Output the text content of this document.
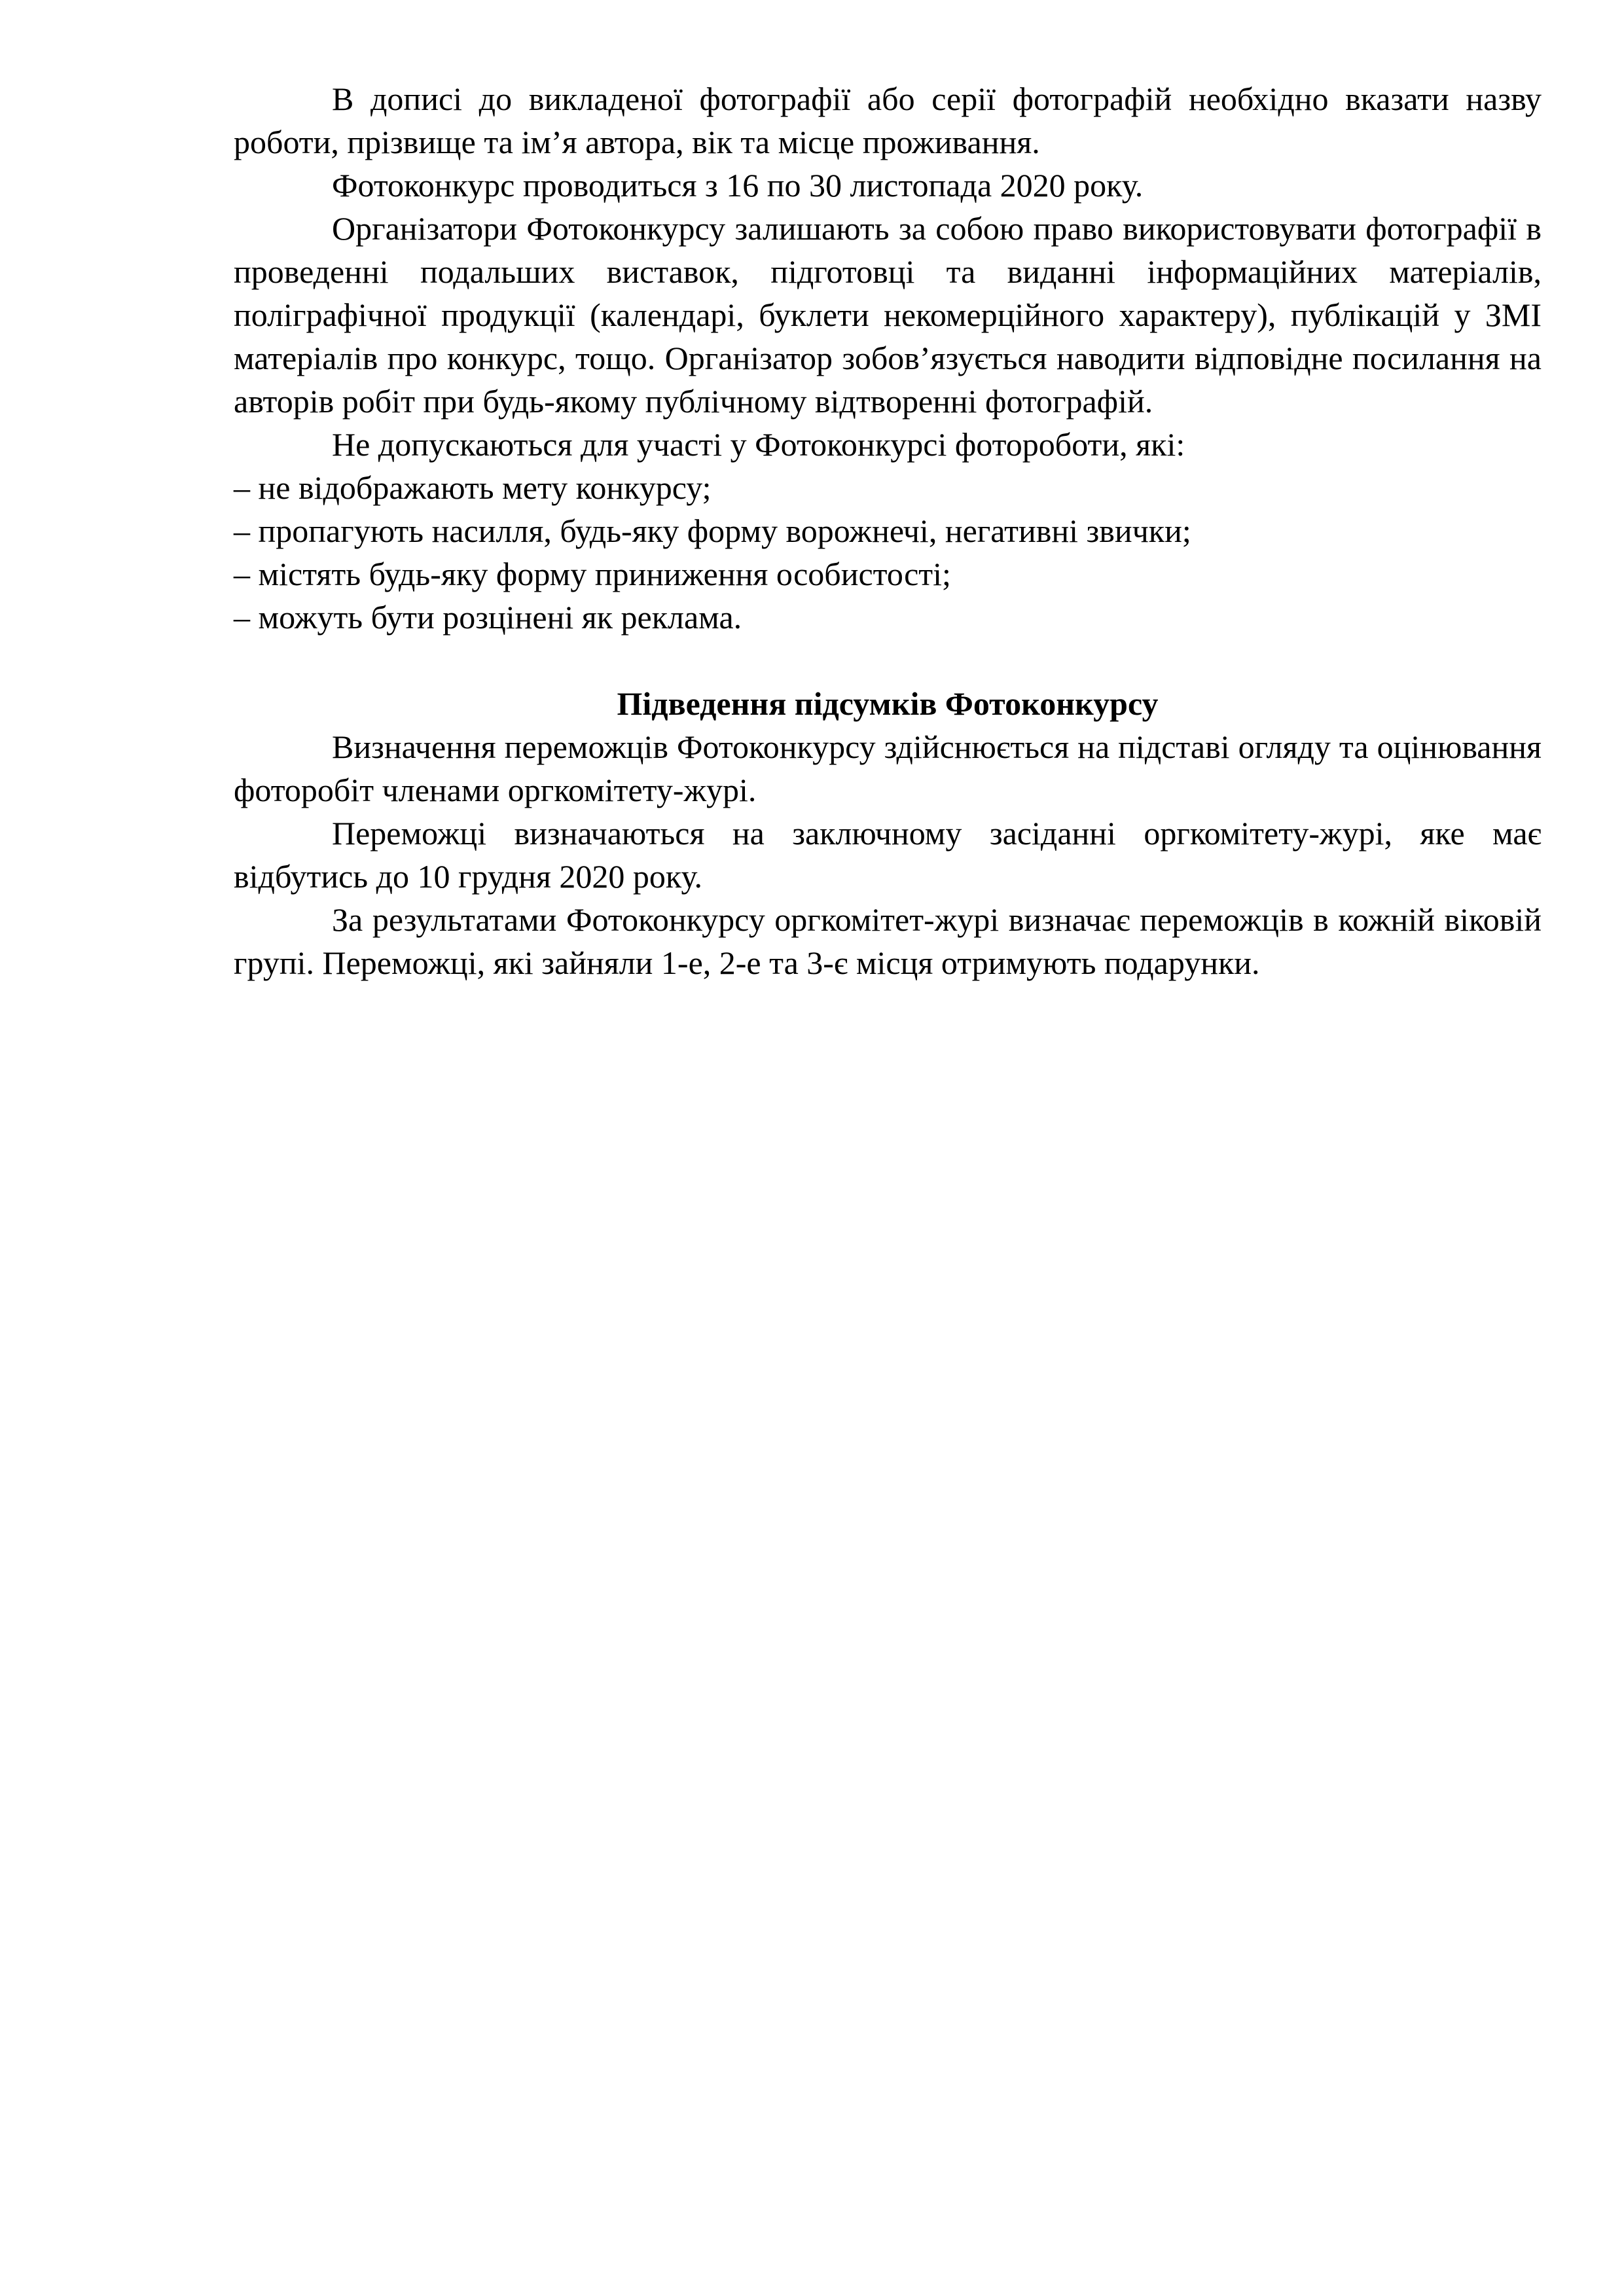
В дописі до викладеної фотографії або серії фотографій необхідно вказати назву роботи, прізвище та ім’я автора, вік та місце проживання.

Фотоконкурс проводиться з 16 по 30 листопада 2020 року.

Організатори Фотоконкурсу залишають за собою право використовувати фотографії в проведенні подальших виставок, підготовці та виданні інформаційних матеріалів, поліграфічної продукції (календарі, буклети некомерційного характеру), публікацій у ЗМІ матеріалів про конкурс, тощо. Організатор зобов’язується наводити відповідне посилання на авторів робіт при будь-якому публічному відтворенні фотографій.

Не допускаються для участі у Фотоконкурсі фотороботи, які:

– не відображають мету конкурсу;

– пропагують насилля, будь-яку форму ворожнечі, негативні звички;

– містять будь-яку форму приниження особистості;

– можуть бути розцінені як реклама.

Підведення підсумків Фотоконкурсу

Визначення переможців Фотоконкурсу здійснюється на підставі огляду та оцінювання фоторобіт членами оргкомітету-журі.

Переможці визначаються на заключному засіданні оргкомітету-журі, яке має відбутись до 10 грудня 2020 року.

За результатами Фотоконкурсу оргкомітет-журі визначає переможців в кожній віковій групі. Переможці, які зайняли 1-е, 2-е та 3-є місця отримують подарунки.
